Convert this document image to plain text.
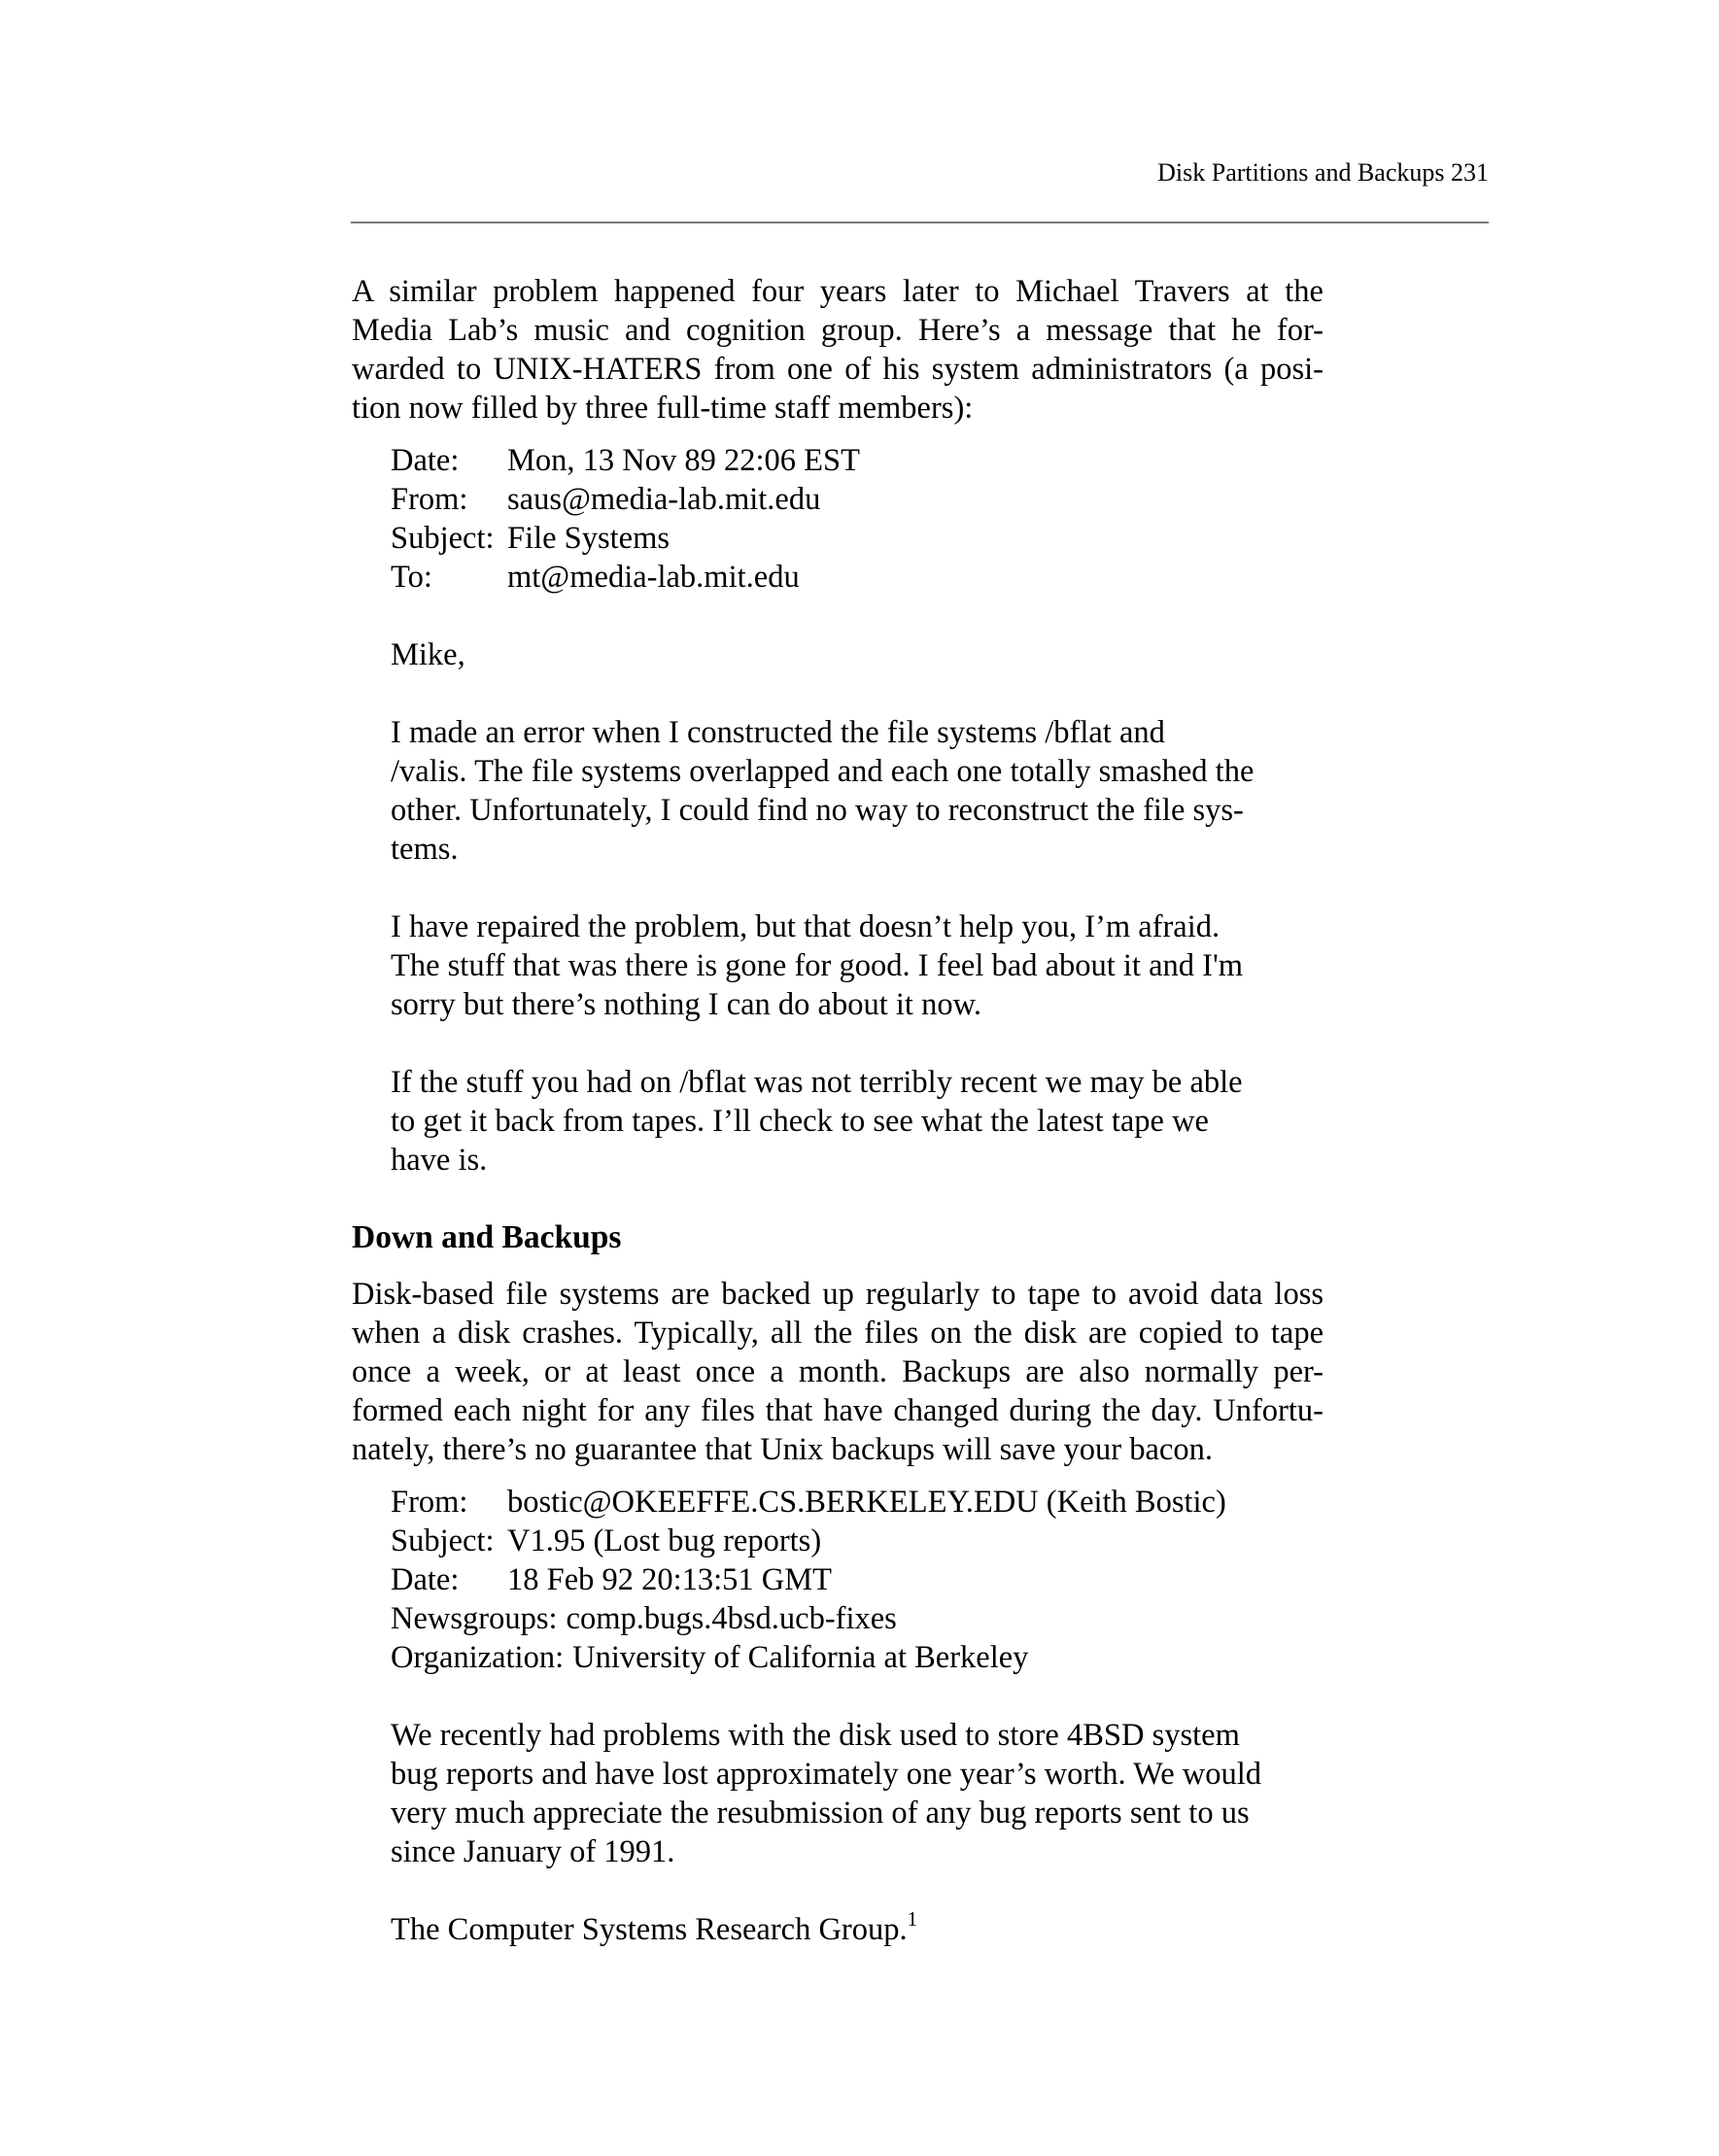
Disk Partitions and Backups 231

A similar problem happened four years later to Michael Travers at the
Media Lab’s music and cognition group. Here’s a message that he for-
warded to UNIX-HATERS from one of his system administrators (a posi-
tion now filled by three full-time staff members):

Date: Mon, 13 Nov 89 22:06 EST
From: saus@media-lab.mit.edu
Subject: File Systems
To: mt@media-lab.mit.edu
Mike,
I made an error when I constructed the file systems /bflat and
/valis. The file systems overlapped and each one totally smashed the
other. Unfortunately, I could find no way to reconstruct the file sys-
tems.
I have repaired the problem, but that doesn’t help you, I’m afraid.
The stuff that was there is gone for good. I feel bad about it and I'm
sorry but there’s nothing I can do about it now.
If the stuff you had on /bflat was not terribly recent we may be able
to get it back from tapes. I’ll check to see what the latest tape we
have is.
Down and Backups

Disk-based file systems are backed up regularly to tape to avoid data loss
when a disk crashes. Typically, all the files on the disk are copied to tape
once a week, or at least once a month. Backups are also normally per-
formed each night for any files that have changed during the day. Unfortu-
nately, there’s no guarantee that Unix backups will save your bacon.

From: bostic@OKEEFFE.CS.BERKELEY.EDU (Keith Bostic)
Subject: V1.95 (Lost bug reports)
Date: 18 Feb 92 20:13:51 GMT
Newsgroups: comp.bugs.4bsd.ucb-fixes
Organization: University of California at Berkeley
We recently had problems with the disk used to store 4BSD system
bug reports and have lost approximately one year’s worth. We would
very much appreciate the resubmission of any bug reports sent to us
since January of 1991.
The Computer Systems Research Group.$^1$
